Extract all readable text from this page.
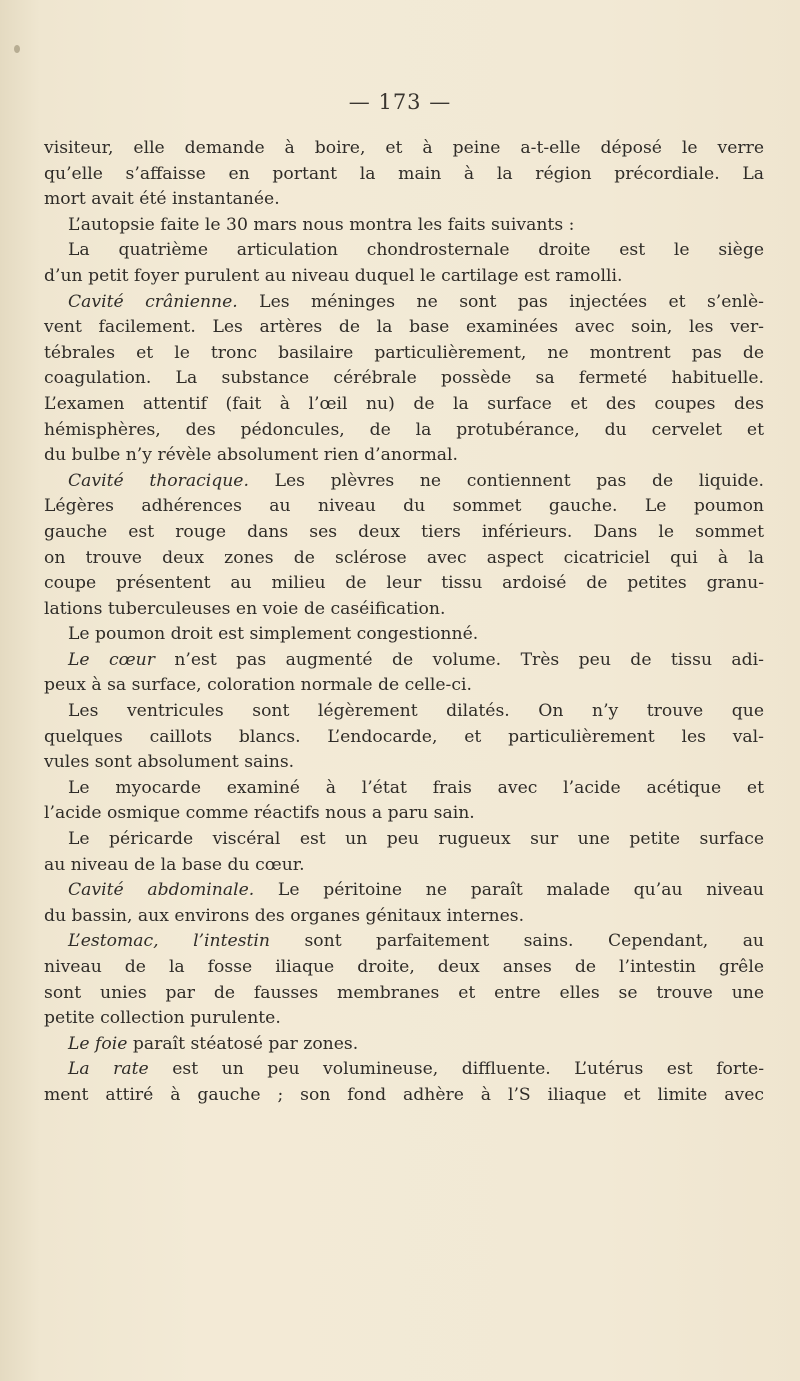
— 173 —
visiteur, elle demande à boire, et à peine a-t-elle déposé le verre
qu’elle s’affaisse en portant la main à la région précordiale. La
mort avait été instantanée.
L’autopsie faite le 30 mars nous montra les faits suivants :
La quatrième articulation chondrosternale droite est le siège
d’un petit foyer purulent au niveau duquel le cartilage est ramolli.
Cavité crânienne. Les méninges ne sont pas injectées et s’enlè-
vent facilement. Les artères de la base examinées avec soin, les ver-
tébrales et le tronc basilaire particulièrement, ne montrent pas de
coagulation. La substance cérébrale possède sa fermeté habituelle.
L’examen attentif (fait à l’œil nu) de la surface et des coupes des
hémisphères, des pédoncules, de la protubérance, du cervelet et
du bulbe n’y révèle absolument rien d’anormal.
Cavité thoracique. Les plèvres ne contiennent pas de liquide.
Légères adhérences au niveau du sommet gauche. Le poumon
gauche est rouge dans ses deux tiers inférieurs. Dans le sommet
on trouve deux zones de sclérose avec aspect cicatriciel qui à la
coupe présentent au milieu de leur tissu ardoisé de petites granu-
lations tuberculeuses en voie de caséification.
Le poumon droit est simplement congestionné.
Le cœur n’est pas augmenté de volume. Très peu de tissu adi-
peux à sa surface, coloration normale de celle-ci.
Les ventricules sont légèrement dilatés. On n’y trouve que
quelques caillots blancs. L’endocarde, et particulièrement les val-
vules sont absolument sains.
Le myocarde examiné à l’état frais avec l’acide acétique et
l’acide osmique comme réactifs nous a paru sain.
Le péricarde viscéral est un peu rugueux sur une petite surface
au niveau de la base du cœur.
Cavité abdominale. Le péritoine ne paraît malade qu’au niveau
du bassin, aux environs des organes génitaux internes.
L’estomac, l’intestin sont parfaitement sains. Cependant, au
niveau de la fosse iliaque droite, deux anses de l’intestin grêle
sont unies par de fausses membranes et entre elles se trouve une
petite collection purulente.
Le foie paraît stéatosé par zones.
La rate est un peu volumineuse, diffluente. L’utérus est forte-
ment attiré à gauche ; son fond adhère à l’S iliaque et limite avec
